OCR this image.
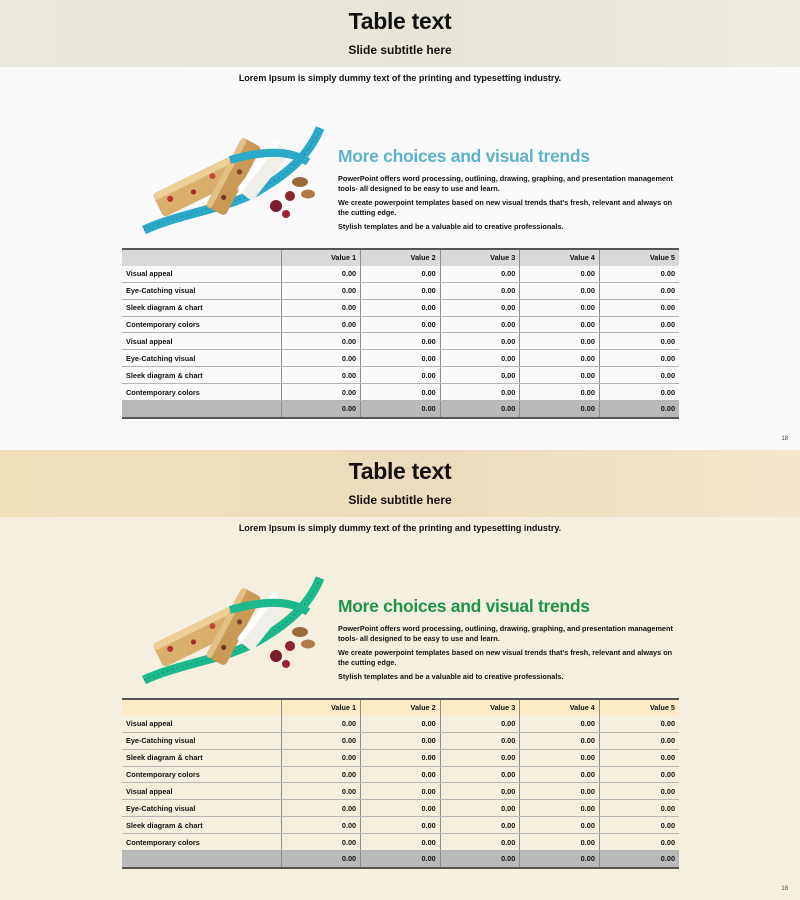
Table text
Slide subtitle here
Lorem Ipsum is simply dummy text of the printing and typesetting industry.
More choices and visual trends

PowerPoint offers word processing, outlining, drawing, graphing, and presentation management tools- all designed to be easy to use and learn.

We create powerpoint templates based on new visual trends that's fresh, relevant and always on the cutting edge.

Stylish templates and be a valuable aid to creative professionals.

	Value 1	Value 2	Value 3	Value 4	Value 5
Visual appeal	0.00	0.00	0.00	0.00	0.00
Eye-Catching visual	0.00	0.00	0.00	0.00	0.00
Sleek diagram & chart	0.00	0.00	0.00	0.00	0.00
Contemporary colors	0.00	0.00	0.00	0.00	0.00
Visual appeal	0.00	0.00	0.00	0.00	0.00
Eye-Catching visual	0.00	0.00	0.00	0.00	0.00
Sleek diagram & chart	0.00	0.00	0.00	0.00	0.00
Contemporary colors	0.00	0.00	0.00	0.00	0.00
	0.00	0.00	0.00	0.00	0.00
18
Table text
Slide subtitle here
Lorem Ipsum is simply dummy text of the printing and typesetting industry.
More choices and visual trends

PowerPoint offers word processing, outlining, drawing, graphing, and presentation management tools- all designed to be easy to use and learn.

We create powerpoint templates based on new visual trends that's fresh, relevant and always on the cutting edge.

Stylish templates and be a valuable aid to creative professionals.

	Value 1	Value 2	Value 3	Value 4	Value 5
Visual appeal	0.00	0.00	0.00	0.00	0.00
Eye-Catching visual	0.00	0.00	0.00	0.00	0.00
Sleek diagram & chart	0.00	0.00	0.00	0.00	0.00
Contemporary colors	0.00	0.00	0.00	0.00	0.00
Visual appeal	0.00	0.00	0.00	0.00	0.00
Eye-Catching visual	0.00	0.00	0.00	0.00	0.00
Sleek diagram & chart	0.00	0.00	0.00	0.00	0.00
Contemporary colors	0.00	0.00	0.00	0.00	0.00
	0.00	0.00	0.00	0.00	0.00
18
